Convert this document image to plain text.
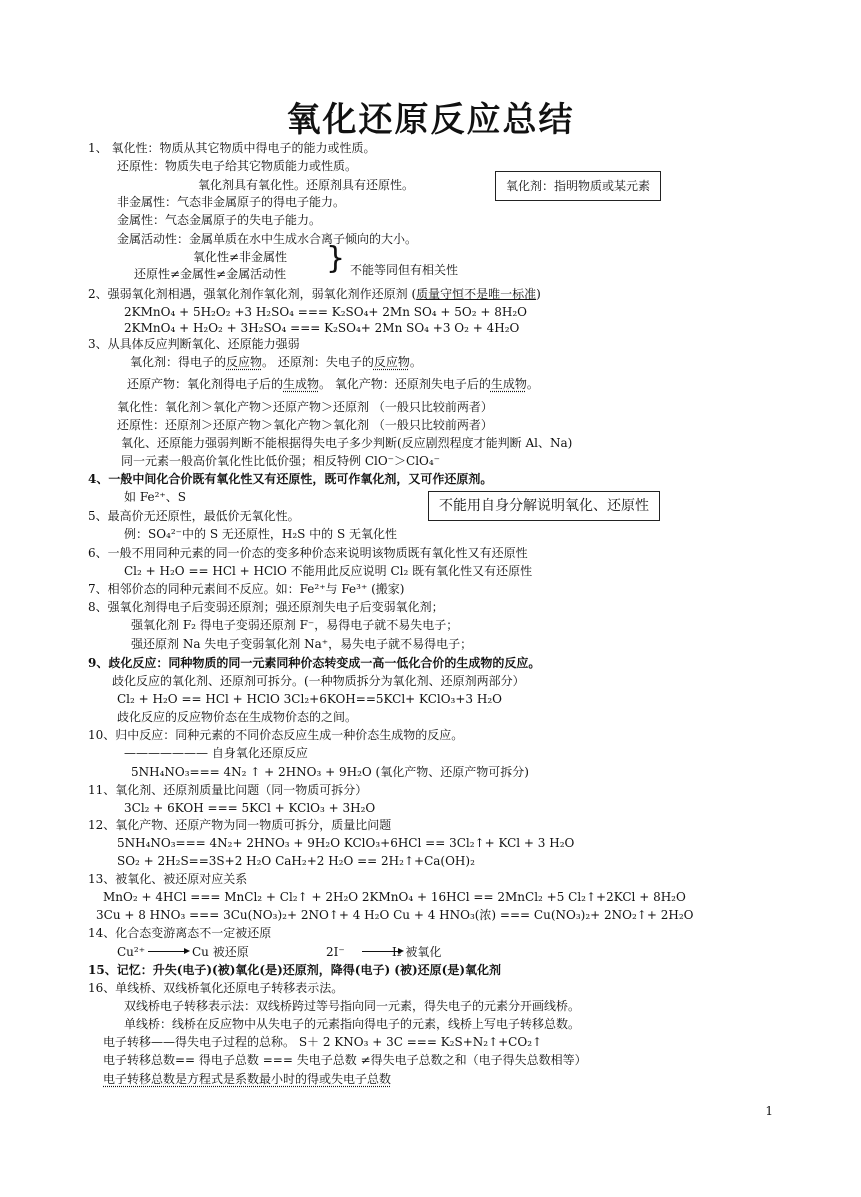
氧化还原反应总结
氧化剂：指明物质或某元素
不能用自身分解说明氧化、还原性
1、 氧化性：物质从其它物质中得电子的能力或性质。
还原性：物质失电子给其它物质能力或性质。
氧化剂具有氧化性。还原剂具有还原性。
非金属性：气态非金属原子的得电子能力。
金属性：气态金属原子的失电子能力。
金属活动性：金属单质在水中生成水合离子倾向的大小。
氧化性≠非金属性
还原性≠金属性≠金属活动性 } 不能等同但有相关性
2、强弱氧化剂相遇，强氧化剂作氧化剂，弱氧化剂作还原剂 (质量守恒不是唯一标准)
2KMnO₄ + 5H₂O₂ +3 H₂SO₄ === K₂SO₄+ 2Mn SO₄ + 5O₂ + 8H₂O
2KMnO₄ + H₂O₂ + 3H₂SO₄ === K₂SO₄+ 2Mn SO₄ +3 O₂ + 4H₂O
3、从具体反应判断氧化、还原能力强弱
氧化剂：得电子的反应物。 还原剂：失电子的反应物。
还原产物：氧化剂得电子后的生成物。 氧化产物：还原剂失电子后的生成物。
氧化性：氧化剂＞氧化产物＞还原产物＞还原剂 （一般只比较前两者）
还原性：还原剂＞还原产物＞氧化产物＞氧化剂 （一般只比较前两者）
氧化、还原能力强弱判断不能根据得失电子多少判断(反应剧烈程度才能判断 Al、Na)
同一元素一般高价氧化性比低价强；相反特例 ClO⁻＞ClO₄⁻
4、一般中间化合价既有氧化性又有还原性，既可作氧化剂，又可作还原剂。
如 Fe²⁺、S
5、最高价无还原性，最低价无氧化性。
例：SO₄²⁻中的 S 无还原性，H₂S 中的 S 无氧化性
6、一般不用同种元素的同一价态的变多种价态来说明该物质既有氧化性又有还原性
Cl₂ + H₂O == HCl + HClO 不能用此反应说明 Cl₂ 既有氧化性又有还原性
7、相邻价态的同种元素间不反应。如：Fe²⁺与 Fe³⁺ (搬家)
8、强氧化剂得电子后变弱还原剂；强还原剂失电子后变弱氧化剂；
强氧化剂 F₂ 得电子变弱还原剂 F⁻，易得电子就不易失电子；
强还原剂 Na 失电子变弱氧化剂 Na⁺，易失电子就不易得电子；
9、歧化反应：同种物质的同一元素同种价态转变成一高一低化合价的生成物的反应。
歧化反应的氧化剂、还原剂可拆分。(一种物质拆分为氧化剂、还原剂两部分）
Cl₂ + H₂O == HCl + HClO 3Cl₂+6KOH==5KCl+ KClO₃+3 H₂O
歧化反应的反应物价态在生成物价态的之间。
10、归中反应：同种元素的不同价态反应生成一种价态生成物的反应。
——————— 自身氧化还原反应
5NH₄NO₃=== 4N₂ ↑ + 2HNO₃ + 9H₂O (氧化产物、还原产物可拆分)
11、氧化剂、还原剂质量比问题（同一物质可拆分）
3Cl₂ + 6KOH === 5KCl + KClO₃ + 3H₂O
12、氧化产物、还原产物为同一物质可拆分，质量比问题
5NH₄NO₃=== 4N₂+ 2HNO₃ + 9H₂O KClO₃+6HCl == 3Cl₂↑+ KCl + 3 H₂O
SO₂ + 2H₂S==3S+2 H₂O CaH₂+2 H₂O == 2H₂↑+Ca(OH)₂
13、被氧化、被还原对应关系
MnO₂ + 4HCl === MnCl₂ + Cl₂↑ + 2H₂O 2KMnO₄ + 16HCl == 2MnCl₂ +5 Cl₂↑+2KCl + 8H₂O
3Cu + 8 HNO₃ === 3Cu(NO₃)₂+ 2NO↑+ 4 H₂O Cu + 4 HNO₃(浓) === Cu(NO₃)₂+ 2NO₂↑+ 2H₂O
14、化合态变游离态不一定被还原
Cu²⁺ → Cu 被还原	2I⁻ →
I₂ 被氧化
15、记忆：升失(电子)(被)氧化(是)还原剂，降得(电子) (被)还原(是)氧化剂
16、单线桥、双线桥氧化还原电子转移表示法。
双线桥电子转移表示法：双线桥跨过等号指向同一元素，得失电子的元素分开画线桥。
单线桥：线桥在反应物中从失电子的元素指向得电子的元素，线桥上写电子转移总数。
电子转移——得失电子过程的总称。 S＋ 2 KNO₃ + 3C === K₂S+N₂↑+CO₂↑
电子转移总数== 得电子总数 === 失电子总数 ≠得失电子总数之和（电子得失总数相等）
电子转移总数是方程式是系数最小时的得或失电子总数
1
